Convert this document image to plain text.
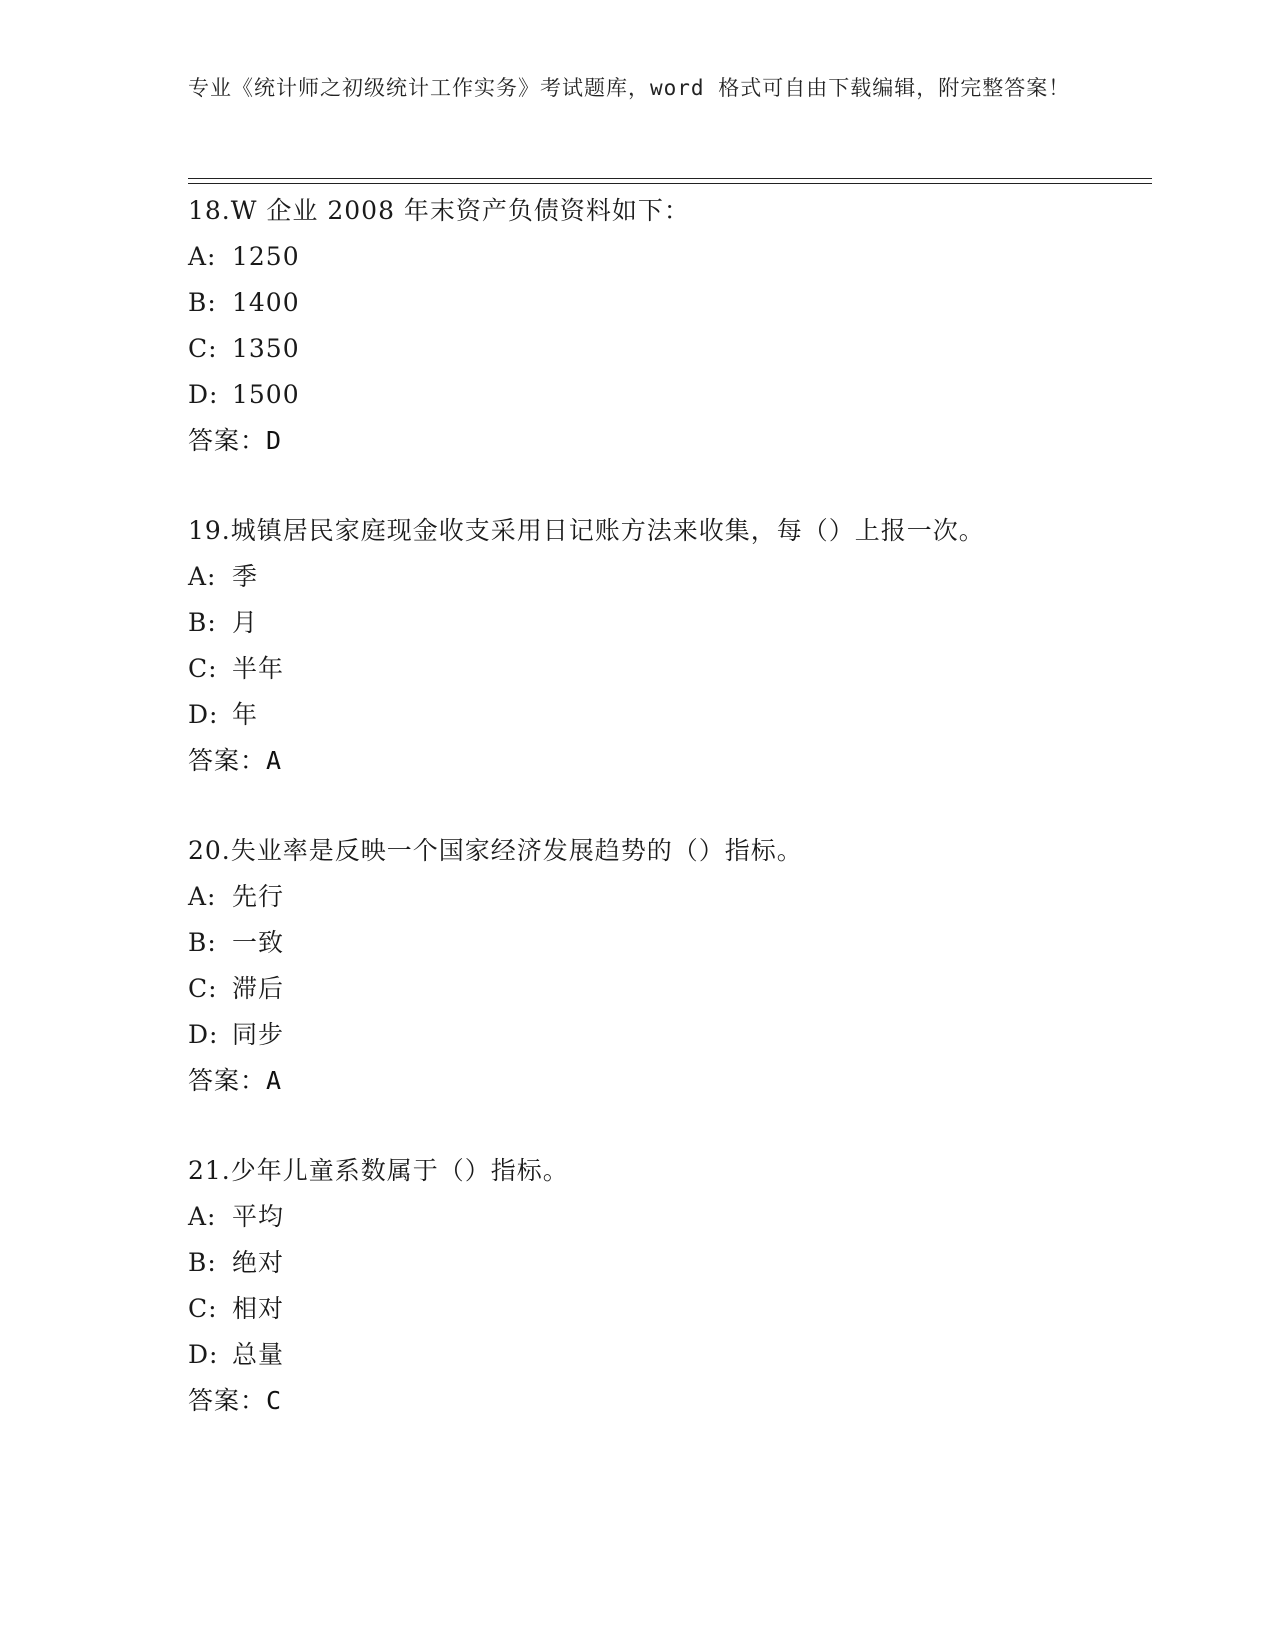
专业《统计师之初级统计工作实务》考试题库，word 格式可自由下载编辑，附完整答案！
18.W 企业 2008 年末资产负债资料如下：
A: 1250
B: 1400
C: 1350
D: 1500
答案：D
19.城镇居民家庭现金收支采用日记账方法来收集，每（）上报一次。
A: 季
B: 月
C: 半年
D: 年
答案：A
20.失业率是反映一个国家经济发展趋势的（）指标。
A: 先行
B: 一致
C: 滞后
D: 同步
答案：A
21.少年儿童系数属于（）指标。
A: 平均
B: 绝对
C: 相对
D: 总量
答案：C
